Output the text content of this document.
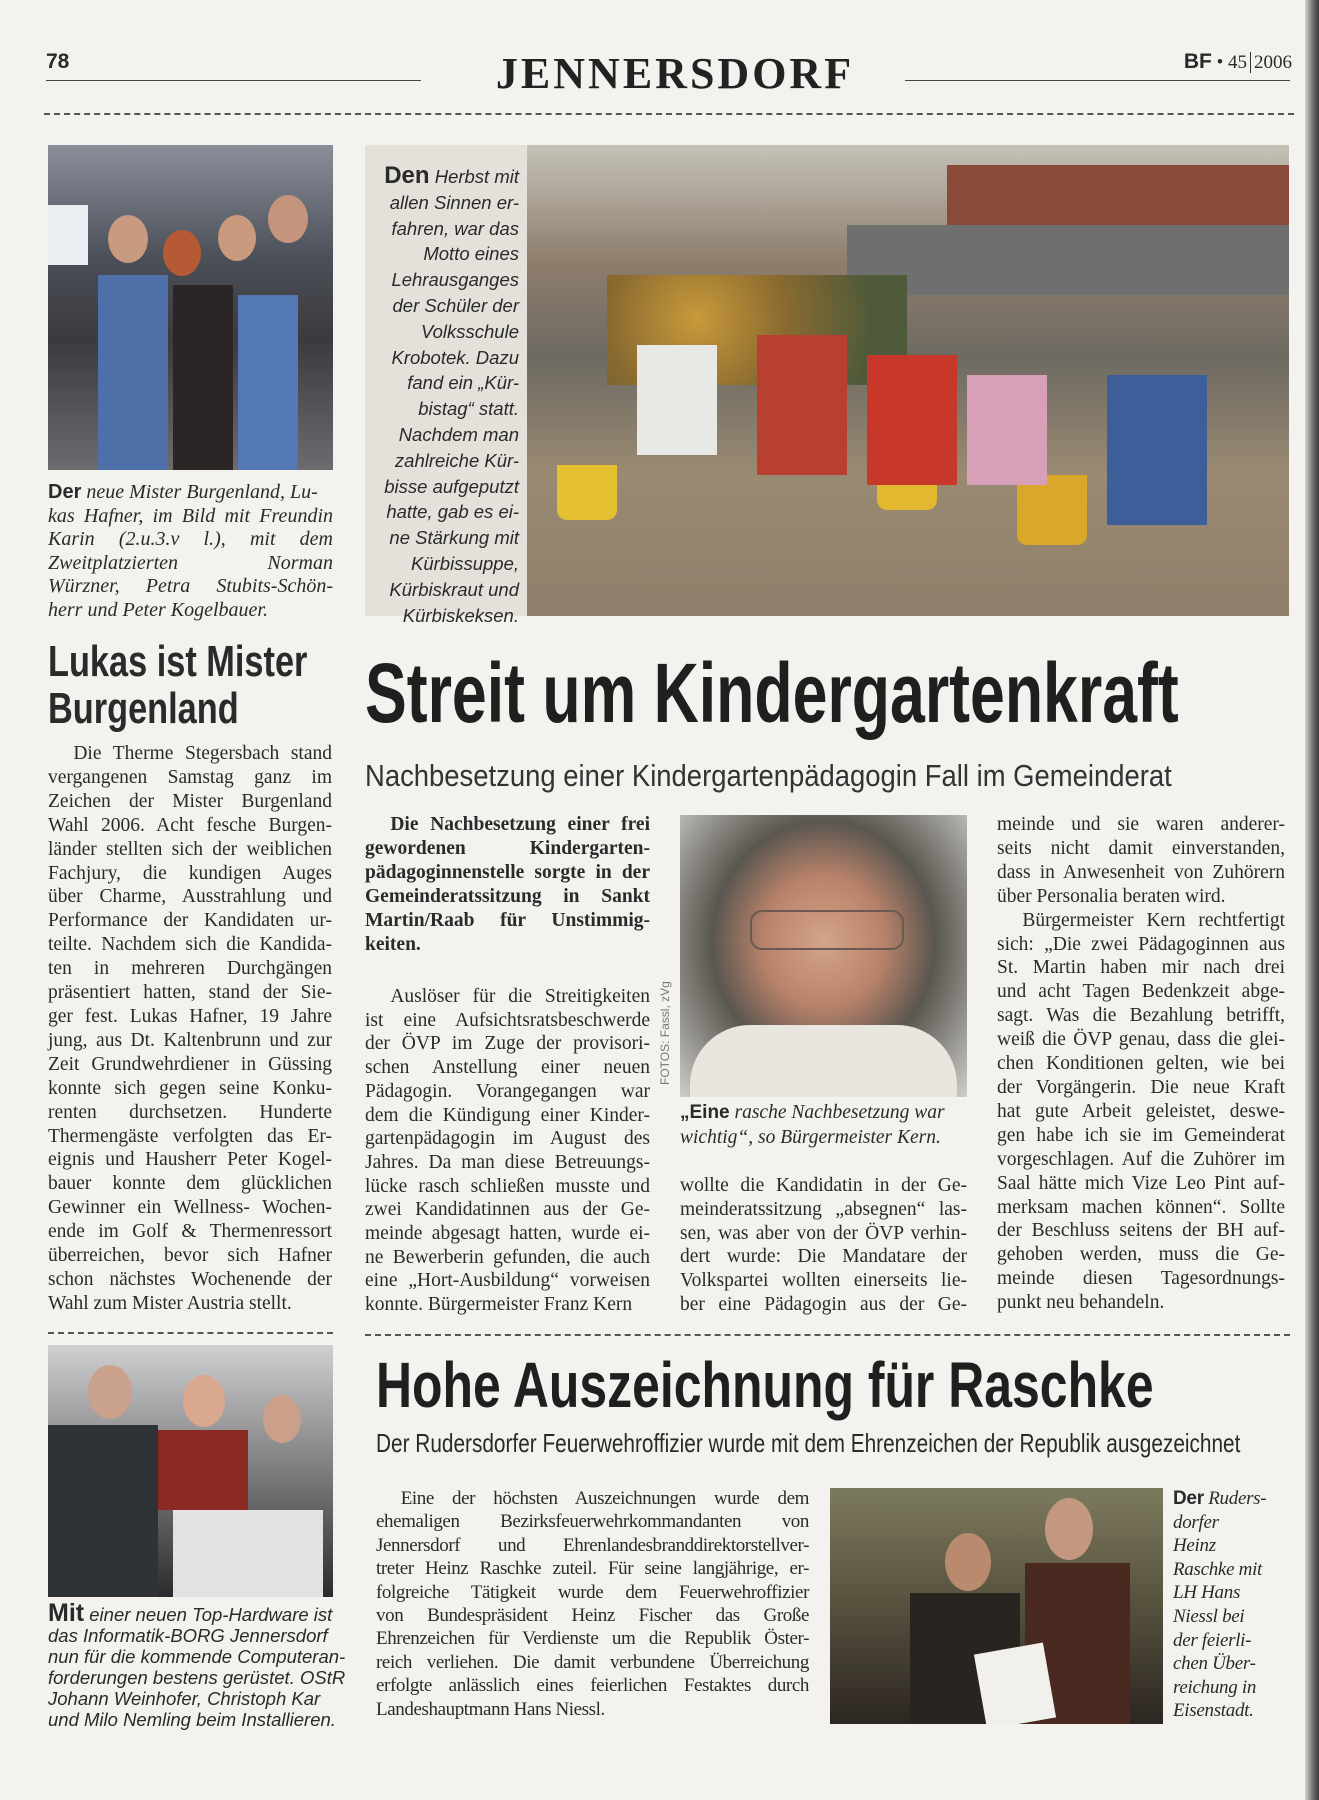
78	JENNERSDORF	BF • 45 2006
Der neue Mister Burgenland, Lu-
kas Hafner, im Bild mit Freundin
Karin (2.u.3.v l.), mit dem
Zweitplatzierten Norman
Würzner, Petra Stubits-Schön-
herr und Peter Kogelbauer.
Lukas ist Mister
Burgenland
Die Therme Stegersbach stand
vergangenen Samstag ganz im
Zeichen der Mister Burgenland
Wahl 2006. Acht fesche Burgen-
länder stellten sich der weiblichen
Fachjury, die kundigen Auges
über Charme, Ausstrahlung und
Performance der Kandidaten ur-
teilte. Nachdem sich die Kandida-
ten in mehreren Durchgängen
präsentiert hatten, stand der Sie-
ger fest. Lukas Hafner, 19 Jahre
jung, aus Dt. Kaltenbrunn und zur
Zeit Grundwehrdiener in Güssing
konnte sich gegen seine Konku-
renten durchsetzen. Hunderte
Thermengäste verfolgten das Er-
eignis und Hausherr Peter Kogel-
bauer konnte dem glücklichen
Gewinner ein Wellness- Wochen-
ende im Golf & Thermenressort
überreichen, bevor sich Hafner
schon nächstes Wochenende der
Wahl zum Mister Austria stellt.
Mit einer neuen Top-Hardware ist
das Informatik-BORG Jennersdorf
nun für die kommende Computeran-
forderungen bestens gerüstet. OStR
Johann Weinhofer, Christoph Kar
und Milo Nemling beim Installieren.
Den Herbst mit
allen Sinnen er-
fahren, war das
Motto eines
Lehrausganges
der Schüler der
Volksschule
Krobotek. Dazu
fand ein „Kür-
bistag“ statt.
Nachdem man
zahlreiche Kür-
bisse aufgeputzt
hatte, gab es ei-
ne Stärkung mit
Kürbissuppe,
Kürbiskraut und
Kürbiskeksen.
Streit um Kindergartenkraft
Nachbesetzung einer Kindergartenpädagogin Fall im Gemeinderat
Die Nachbesetzung einer frei
gewordenen Kindergarten-
pädagoginnenstelle sorgte in der
Gemeinderatssitzung in Sankt
Martin/Raab für Unstimmig-
keiten.
Auslöser für die Streitigkeiten
ist eine Aufsichtsratsbeschwerde
der ÖVP im Zuge der provisori-
schen Anstellung einer neuen
Pädagogin. Vorangegangen war
dem die Kündigung einer Kinder-
gartenpädagogin im August des
Jahres. Da man diese Betreuungs-
lücke rasch schließen musste und
zwei Kandidatinnen aus der Ge-
meinde abgesagt hatten, wurde ei-
ne Bewerberin gefunden, die auch
eine „Hort-Ausbildung“ vorweisen
konnte. Bürgermeister Franz Kern
FOTOS: Fassl, zVg
„Eine rasche Nachbesetzung war
wichtig“, so Bürgermeister Kern.
wollte die Kandidatin in der Ge-
meinderatssitzung „absegnen“ las-
sen, was aber von der ÖVP verhin-
dert wurde: Die Mandatare der
Volkspartei wollten einerseits lie-
ber eine Pädagogin aus der Ge-
meinde und sie waren anderer-
seits nicht damit einverstanden,
dass in Anwesenheit von Zuhörern
über Personalia beraten wird.
Bürgermeister Kern rechtfertigt
sich: „Die zwei Pädagoginnen aus
St. Martin haben mir nach drei
und acht Tagen Bedenkzeit abge-
sagt. Was die Bezahlung betrifft,
weiß die ÖVP genau, dass die glei-
chen Konditionen gelten, wie bei
der Vorgängerin. Die neue Kraft
hat gute Arbeit geleistet, deswe-
gen habe ich sie im Gemeinderat
vorgeschlagen. Auf die Zuhörer im
Saal hätte mich Vize Leo Pint auf-
merksam machen können“. Sollte
der Beschluss seitens der BH auf-
gehoben werden, muss die Ge-
meinde diesen Tagesordnungs-
punkt neu behandeln.
Hohe Auszeichnung für Raschke
Der Rudersdorfer Feuerwehroffizier wurde mit dem Ehrenzeichen der Republik ausgezeichnet
Eine der höchsten Auszeichnungen wurde dem
ehemaligen Bezirksfeuerwehrkommandanten von
Jennersdorf und Ehrenlandesbranddirektorstellver-
treter Heinz Raschke zuteil. Für seine langjährige, er-
folgreiche Tätigkeit wurde dem Feuerwehroffizier
von Bundespräsident Heinz Fischer das Große
Ehrenzeichen für Verdienste um die Republik Öster-
reich verliehen. Die damit verbundene Überreichung
erfolgte anlässlich eines feierlichen Festaktes durch
Landeshauptmann Hans Niessl.
Der Ruders-
dorfer
Heinz
Raschke mit
LH Hans
Niessl bei
der feierli-
chen Über-
reichung in
Eisenstadt.
